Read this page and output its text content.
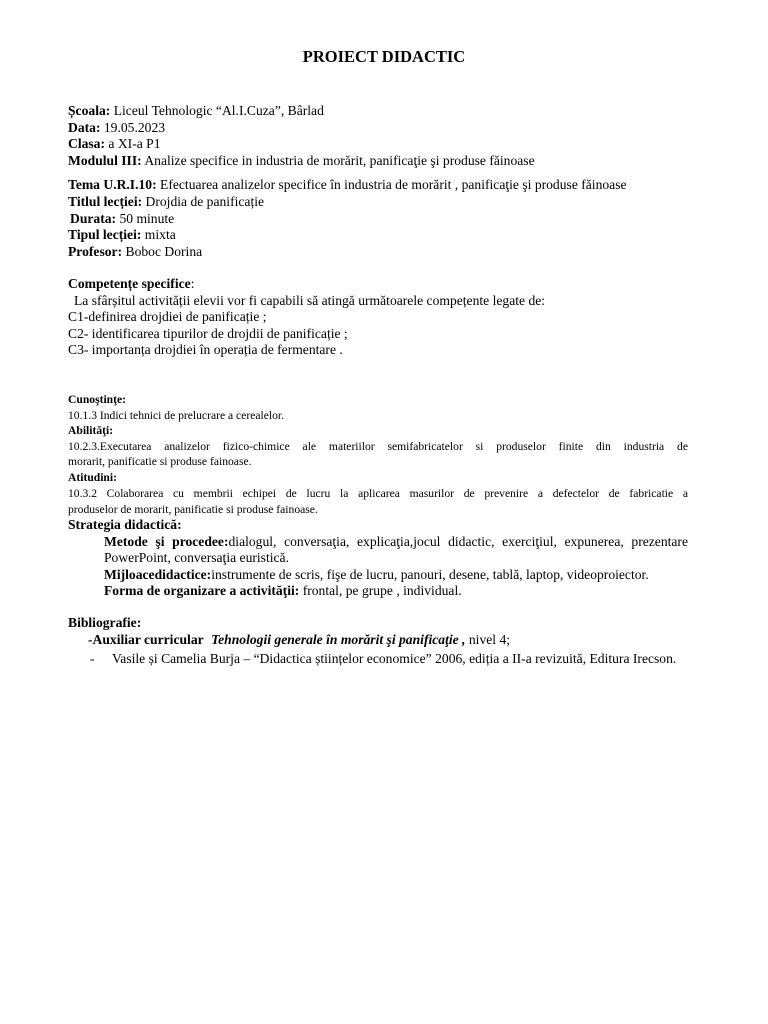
PROIECT DIDACTIC
Școala: Liceul Tehnologic “Al.I.Cuza”, Bârlad
Data: 19.05.2023
Clasa: a XI-a P1
Modulul III: Analize specifice in industria de morărit, panificaţie şi produse făinoase
Tema U.R.I.10: Efectuarea analizelor specifice în industria de morărit , panificaţie şi produse făinoase
Titlul lecției: Drojdia de panificație
Durata: 50 minute
Tipul lecției: mixta
Profesor: Boboc Dorina
Competențe specifice:
La sfârșitul activității elevii vor fi capabili să atingă următoarele compețente legate de:
C1-definirea drojdiei de panificație ;
C2- identificarea tipurilor de drojdii de panificație ;
C3- importanța drojdiei în operația de fermentare .
Cunoştinţe:
10.1.3 Indici tehnici de prelucrare a cerealelor.
Abilităţi:
10.2.3.Executarea analizelor fizico-chimice ale materiilor semifabricatelor si produselor finite din industria de
morarit, panificatie si produse fainoase.
Atitudini:
10.3.2 Colaborarea cu membrii echipei de lucru la aplicarea masurilor de prevenire a defectelor de fabricatie a
produselor de morarit, panificatie si produse fainoase.
Strategia didactică:
Metode şi procedee:dialogul, conversaţia, explicaţia,jocul didactic, exerciţiul, expunerea, prezentare
PowerPoint, conversaţia euristică.
Mijloacedidactice:instrumente de scris, fişe de lucru, panouri, desene, tablă, laptop, videoproiector.
Forma de organizare a activităţii: frontal, pe grupe , individual.
Bibliografie:
-Auxiliar curricular Tehnologii generale în morărit şi panificaţie , nivel 4;
- Vasile și Camelia Burja – “Didactica științelor economice” 2006, ediția a II-a revizuită, Editura Irecson.
